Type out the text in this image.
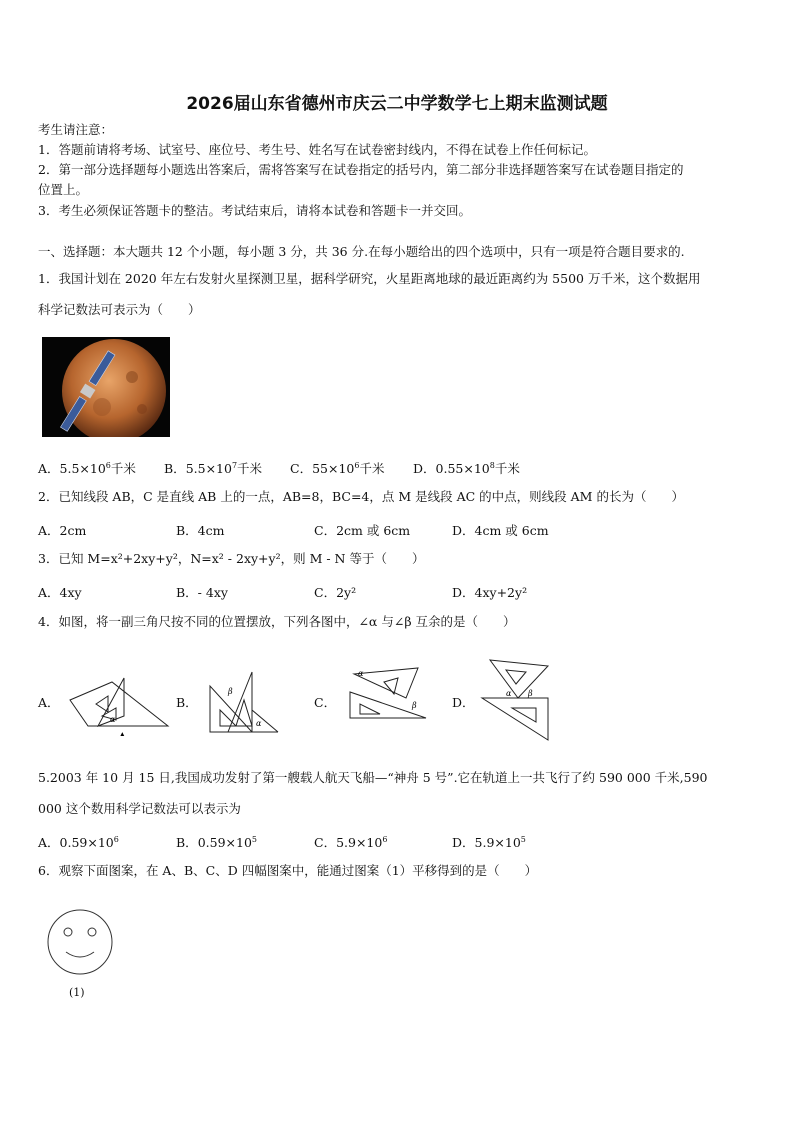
2026届山东省德州市庆云二中学数学七上期末监测试题
考生请注意：
1．答题前请将考场、试室号、座位号、考生号、姓名写在试卷密封线内，不得在试卷上作任何标记。
2．第一部分选择题每小题选出答案后，需将答案写在试卷指定的括号内，第二部分非选择题答案写在试卷题目指定的
位置上。
3．考生必须保证答题卡的整洁。考试结束后，请将本试卷和答题卡一并交回。
一、选择题：本大题共 12 个小题，每小题 3 分，共 36 分.在每小题给出的四个选项中，只有一项是符合题目要求的.
1．我国计划在 2020 年左右发射火星探测卫星，据科学研究，火星距离地球的最近距离约为 5500 万千米，这个数据用
科学记数法可表示为（　　）
A．$5.5\times 10^6$千米 B．$5.5\times 10^7$千米 C．$55\times 10^6$千米 D．$0.55\times 10^8$千米
2．已知线段 AB，C 是直线 AB 上的一点，AB=8，BC=4，点 M 是线段 AC 的中点，则线段 AM 的长为（　　）
A．2cm	B．4cm	C．2cm 或 6cm	D．4cm 或 6cm
3．已知 M=x²+2xy+y²，N=x² - 2xy+y²，则 M - N 等于（　　）
A．4xy	B．- 4xy	C．2y²	D．4xy+2y²
4．如图，将一副三角尺按不同的位置摆放，下列各图中，∠α 与∠β 互余的是（　　）
A．
α
▲
B．
β
α
C．
α
β	D．
α β
5.2003 年 10 月 15 日,我国成功发射了第一艘载人航天飞船—“神舟 5 号”.它在轨道上一共飞行了约 590 000 千米,590
000 这个数用科学记数法可以表示为
A．$0.59\times 10^6$	B．$0.59\times 10^5$	C．$5.9\times 10^6$	D．$5.9\times 10^5$
6．观察下面图案，在 A、B、C、D 四幅图案中，能通过图案（1）平移得到的是（　　）
(1)
